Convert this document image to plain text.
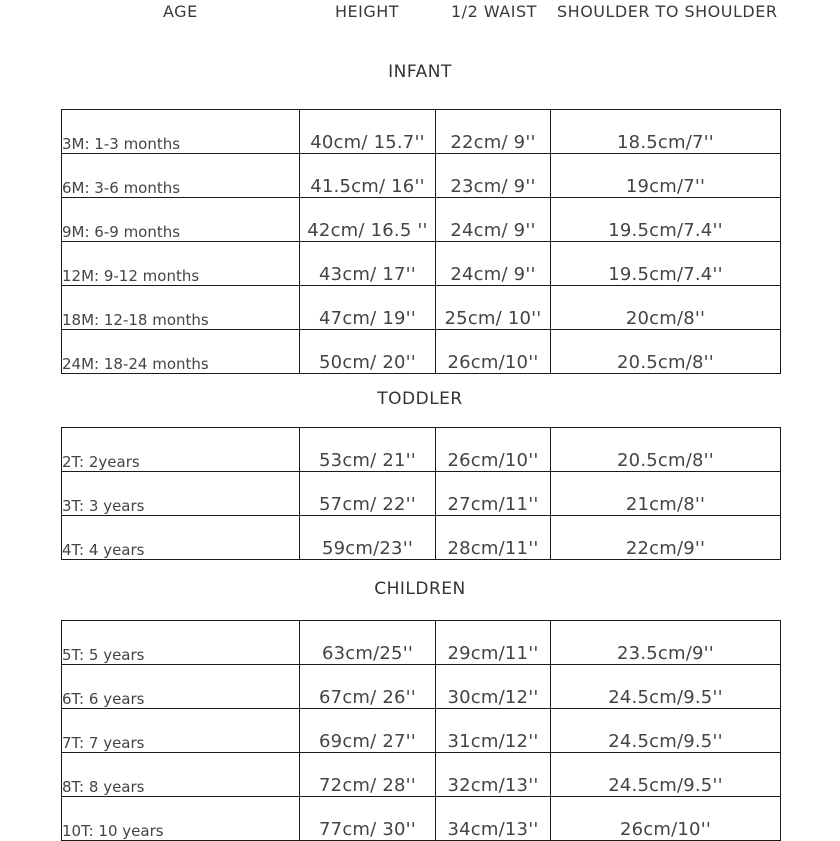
AGE	HEIGHT	1/2 WAIST SHOULDER TO SHOULDER
INFANT
3M: 1-3 months	40cm/ 15.7''	22cm/ 9''	18.5cm/7''
6M: 3-6 months	41.5cm/ 16''	23cm/ 9''	19cm/7''
9M: 6-9 months	42cm/ 16.5 ''	24cm/ 9''	19.5cm/7.4''
12M: 9-12 months	43cm/ 17''	24cm/ 9''	19.5cm/7.4''
18M: 12-18 months	47cm/ 19''	25cm/ 10''	20cm/8''
24M: 18-24 months	50cm/ 20''	26cm/10''	20.5cm/8''
TODDLER
2T: 2years	53cm/ 21''	26cm/10''	20.5cm/8''
3T: 3 years	57cm/ 22''	27cm/11''	21cm/8''
4T: 4 years	59cm/23''	28cm/11''	22cm/9''
CHILDREN
5T: 5 years	63cm/25''	29cm/11''	23.5cm/9''
6T: 6 years	67cm/ 26''	30cm/12''	24.5cm/9.5''
7T: 7 years	69cm/ 27''	31cm/12''	24.5cm/9.5''
8T: 8 years	72cm/ 28''	32cm/13''	24.5cm/9.5''
10T: 10 years	77cm/ 30''	34cm/13''	26cm/10''
